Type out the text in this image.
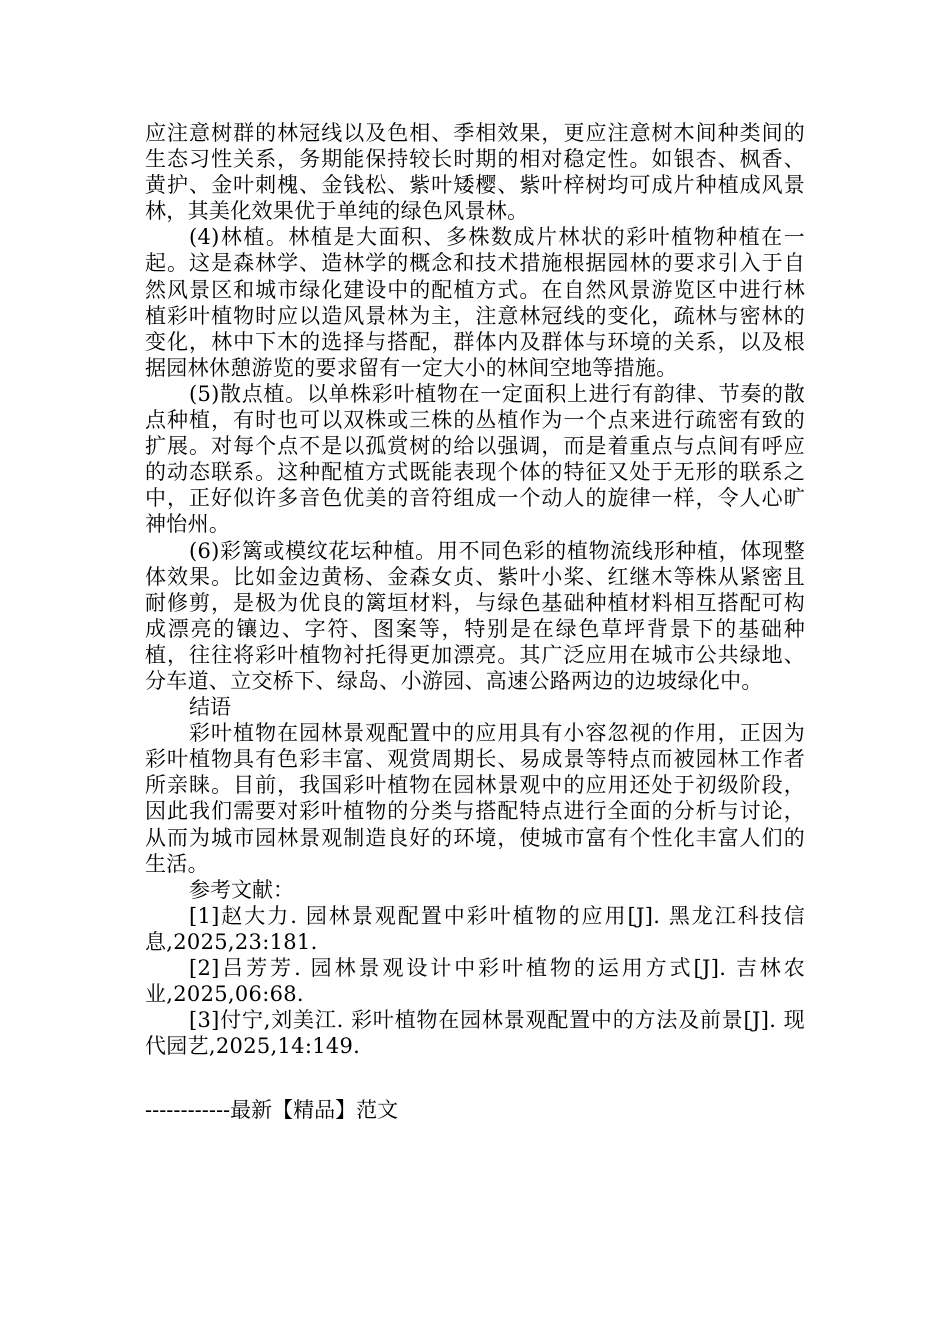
应注意树群的林冠线以及色相、季相效果，更应注意树木间种类间的生态习性关系，务期能保持较长时期的相对稳定性。如银杏、枫香、黄护、金叶刺槐、金钱松、紫叶矮樱、紫叶梓树均可成片种植成风景林，其美化效果优于单纯的绿色风景林。

(4)林植。林植是大面积、多株数成片林状的彩叶植物种植在一起。这是森林学、造林学的概念和技术措施根据园林的要求引入于自然风景区和城市绿化建设中的配植方式。在自然风景游览区中进行林植彩叶植物时应以造风景林为主，注意林冠线的变化，疏林与密林的变化，林中下木的选择与搭配，群体内及群体与环境的关系，以及根据园林休憩游览的要求留有一定大小的林间空地等措施。

(5)散点植。以单株彩叶植物在一定面积上进行有韵律、节奏的散点种植，有时也可以双株或三株的丛植作为一个点来进行疏密有致的扩展。对每个点不是以孤赏树的给以强调，而是着重点与点间有呼应的动态联系。这种配植方式既能表现个体的特征又处于无形的联系之中，正好似许多音色优美的音符组成一个动人的旋律一样，令人心旷神怡州。

(6)彩篱或模纹花坛种植。用不同色彩的植物流线形种植，体现整体效果。比如金边黄杨、金森女贞、紫叶小桨、红继木等株从紧密且耐修剪，是极为优良的篱垣材料，与绿色基础种植材料相互搭配可构成漂亮的镶边、字符、图案等，特别是在绿色草坪背景下的基础种植，往往将彩叶植物衬托得更加漂亮。其广泛应用在城市公共绿地、分车道、立交桥下、绿岛、小游园、高速公路两边的边坡绿化中。

结语

彩叶植物在园林景观配置中的应用具有小容忽视的作用，正因为彩叶植物具有色彩丰富、观赏周期长、易成景等特点而被园林工作者所亲睐。目前，我国彩叶植物在园林景观中的应用还处于初级阶段，因此我们需要对彩叶植物的分类与搭配特点进行全面的分析与讨论，从而为城市园林景观制造良好的环境，使城市富有个性化丰富人们的生活。

参考文献：

[1]赵大力. 园林景观配置中彩叶植物的应用[J]. 黑龙江科技信息,2025,23:181.

[2]吕芳芳. 园林景观设计中彩叶植物的运用方式[J]. 吉林农业,2025,06:68.

[3]付宁,刘美江. 彩叶植物在园林景观配置中的方法及前景[J]. 现代园艺,2025,14:149.

------------最新【精品】范文
